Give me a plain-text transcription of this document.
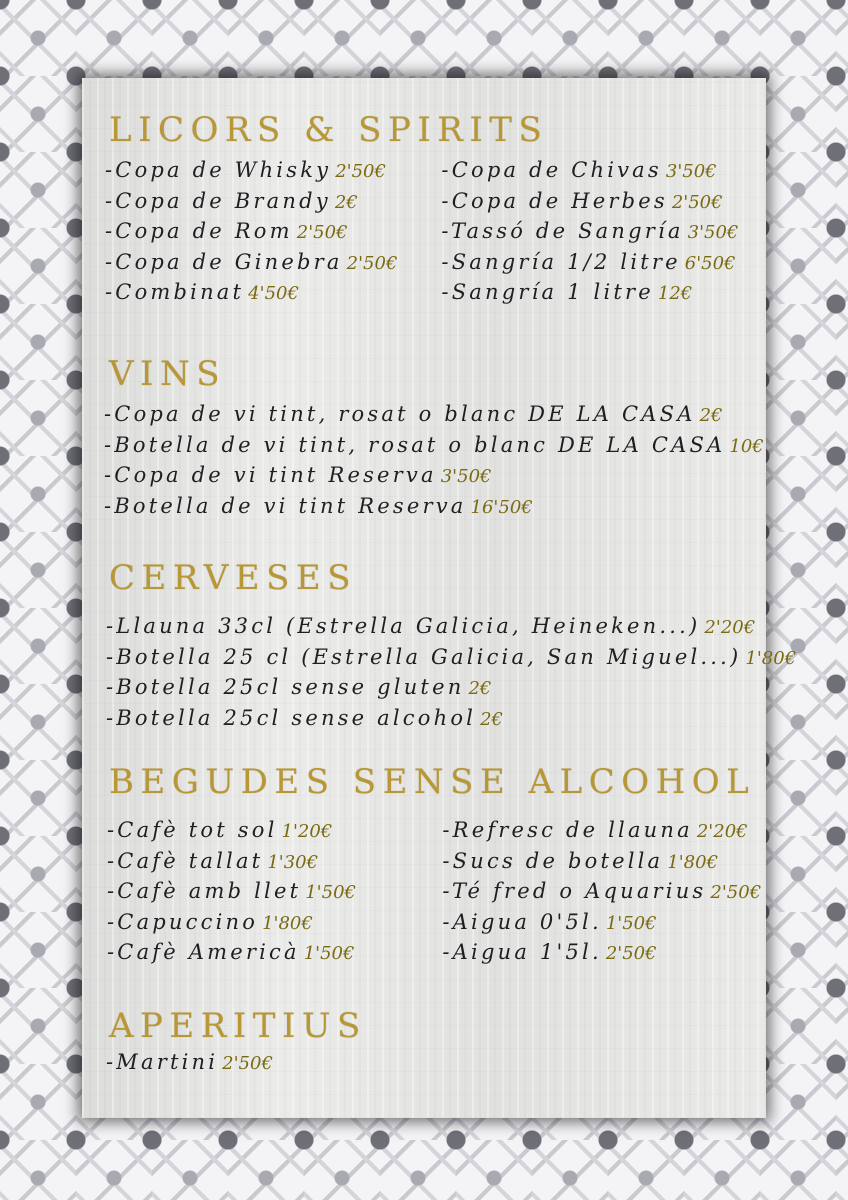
LICORS & SPIRITS
-Copa de Whisky 2'50€
-Copa de Brandy 2€
-Copa de Rom 2'50€
-Copa de Ginebra 2'50€
-Combinat 4'50€
-Copa de Chivas 3'50€
-Copa de Herbes 2'50€
-Tassó de Sangría 3'50€
-Sangría 1/2 litre 6'50€
-Sangría 1 litre 12€
VINS
-Copa de vi tint, rosat o blanc DE LA CASA 2€
-Botella de vi tint, rosat o blanc DE LA CASA 10€
-Copa de vi tint Reserva 3'50€
-Botella de vi tint Reserva 16'50€
CERVESES
-Llauna 33cl (Estrella Galicia, Heineken...) 2'20€
-Botella 25 cl (Estrella Galicia, San Miguel...) 1'80€
-Botella 25cl sense gluten 2€
-Botella 25cl sense alcohol 2€
BEGUDES SENSE ALCOHOL
-Cafè tot sol 1'20€
-Cafè tallat 1'30€
-Cafè amb llet 1'50€
-Capuccino 1'80€
-Cafè Americà 1'50€
-Refresc de llauna 2'20€
-Sucs de botella 1'80€
-Té fred o Aquarius 2'50€
-Aigua 0'5l. 1'50€
-Aigua 1'5l. 2'50€
APERITIUS
-Martini 2'50€
